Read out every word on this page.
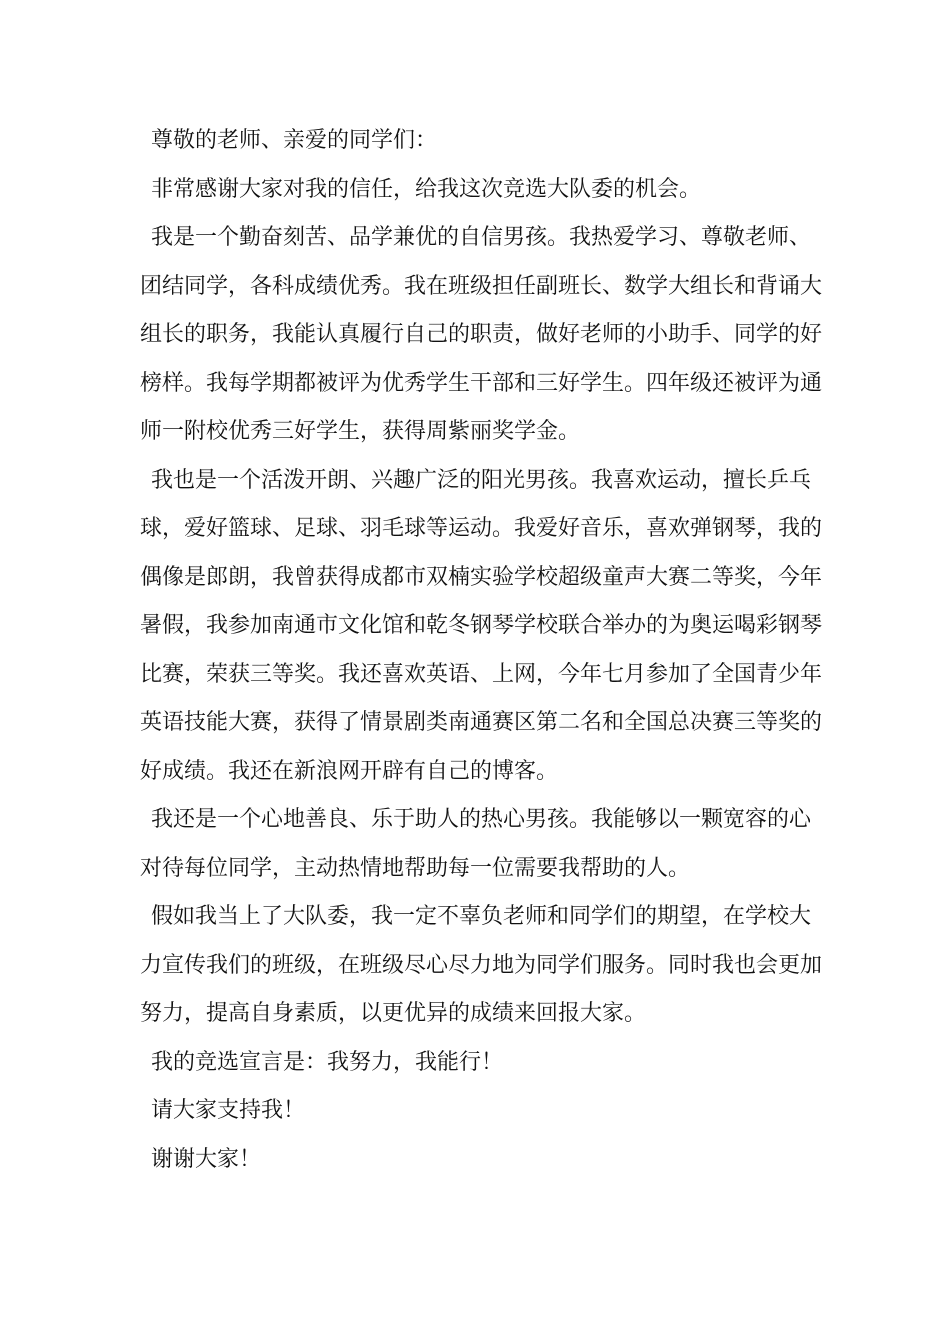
尊敬的老师、亲爱的同学们：

非常感谢大家对我的信任，给我这次竞选大队委的机会。

我是一个勤奋刻苦、品学兼优的自信男孩。我热爱学习、尊敬老师、团结同学，各科成绩优秀。我在班级担任副班长、数学大组长和背诵大组长的职务，我能认真履行自己的职责，做好老师的小助手、同学的好榜样。我每学期都被评为优秀学生干部和三好学生。四年级还被评为通师一附校优秀三好学生，获得周紫丽奖学金。

我也是一个活泼开朗、兴趣广泛的阳光男孩。我喜欢运动，擅长乒乓球，爱好篮球、足球、羽毛球等运动。我爱好音乐，喜欢弹钢琴，我的偶像是郎朗，我曾获得成都市双楠实验学校超级童声大赛二等奖，今年暑假，我参加南通市文化馆和乾冬钢琴学校联合举办的为奥运喝彩钢琴比赛，荣获三等奖。我还喜欢英语、上网，今年七月参加了全国青少年英语技能大赛，获得了情景剧类南通赛区第二名和全国总决赛三等奖的好成绩。我还在新浪网开辟有自己的博客。

我还是一个心地善良、乐于助人的热心男孩。我能够以一颗宽容的心对待每位同学，主动热情地帮助每一位需要我帮助的人。

假如我当上了大队委，我一定不辜负老师和同学们的期望，在学校大力宣传我们的班级，在班级尽心尽力地为同学们服务。同时我也会更加努力，提高自身素质，以更优异的成绩来回报大家。

我的竞选宣言是：我努力，我能行！

请大家支持我！

谢谢大家！
